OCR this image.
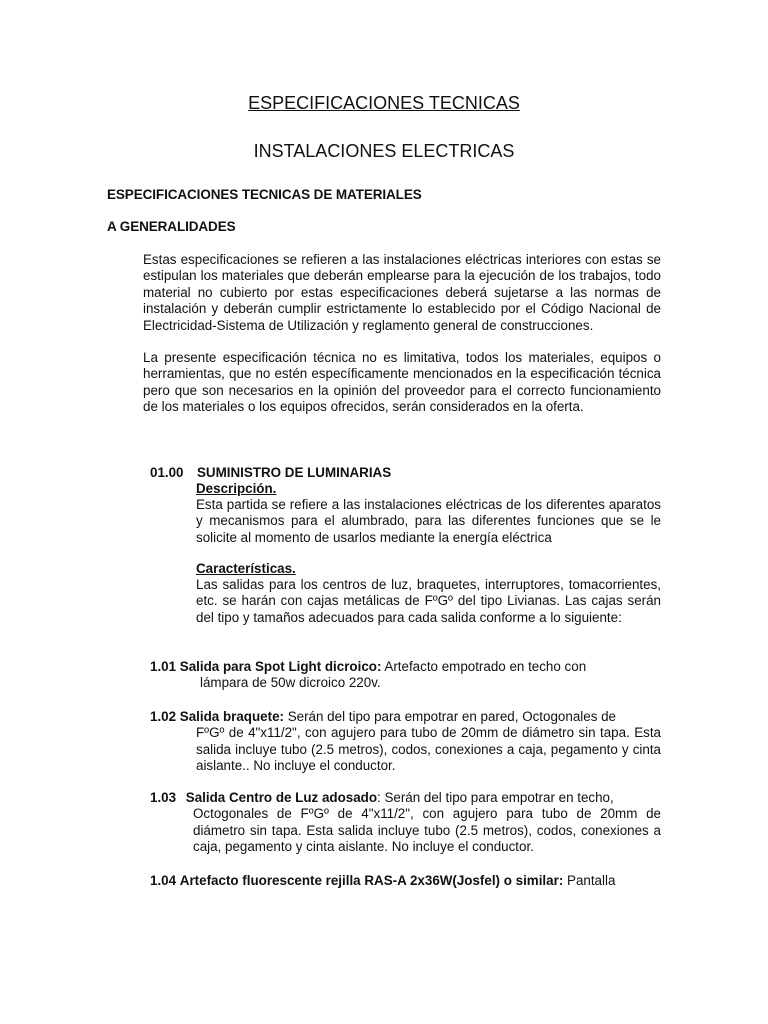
ESPECIFICACIONES TECNICAS
INSTALACIONES ELECTRICAS

ESPECIFICACIONES TECNICAS DE MATERIALES

A GENERALIDADES

Estas especificaciones se refieren a las instalaciones eléctricas interiores con estas se estipulan los materiales que deberán emplearse para la ejecución de los trabajos, todo material no cubierto por estas especificaciones deberá sujetarse a las normas de instalación y deberán cumplir estrictamente lo establecido por el Código Nacional de Electricidad-Sistema de Utilización y reglamento general de construcciones.

La presente especificación técnica no es limitativa, todos los materiales, equipos o herramientas, que no estén específicamente mencionados en la especificación técnica pero que son necesarios en la opinión del proveedor para el correcto funcionamiento de los materiales o los equipos ofrecidos, serán considerados en la oferta.

01.00 SUMINISTRO DE LUMINARIAS

Descripción.

Esta partida se refiere a las instalaciones eléctricas de los diferentes aparatos y mecanismos para el alumbrado, para las diferentes funciones que se le solicite al momento de usarlos mediante la energía eléctrica

Características.

Las salidas para los centros de luz, braquetes, interruptores, tomacorrientes, etc. se harán con cajas metálicas de FºGº del tipo Livianas. Las cajas serán del tipo y tamaños adecuados para cada salida conforme a lo siguiente:

1.01 Salida para Spot Light dicroico: Artefacto empotrado en techo con
lámpara de 50w dicroico 220v.
1.02 Salida braquete: Serán del tipo para empotrar en pared, Octogonales de
FºGº de 4"x11/2", con agujero para tubo de 20mm de diámetro sin tapa. Esta salida incluye tubo (2.5 metros), codos, conexiones a caja, pegamento y cinta aislante.. No incluye el conductor.
1.03 Salida Centro de Luz adosado: Serán del tipo para empotrar en techo,
Octogonales de FºGº de 4"x11/2", con agujero para tubo de 20mm de diámetro sin tapa. Esta salida incluye tubo (2.5 metros), codos, conexiones a caja, pegamento y cinta aislante. No incluye el conductor.
1.04 Artefacto fluorescente rejilla RAS-A 2x36W(Josfel) o similar: Pantalla
